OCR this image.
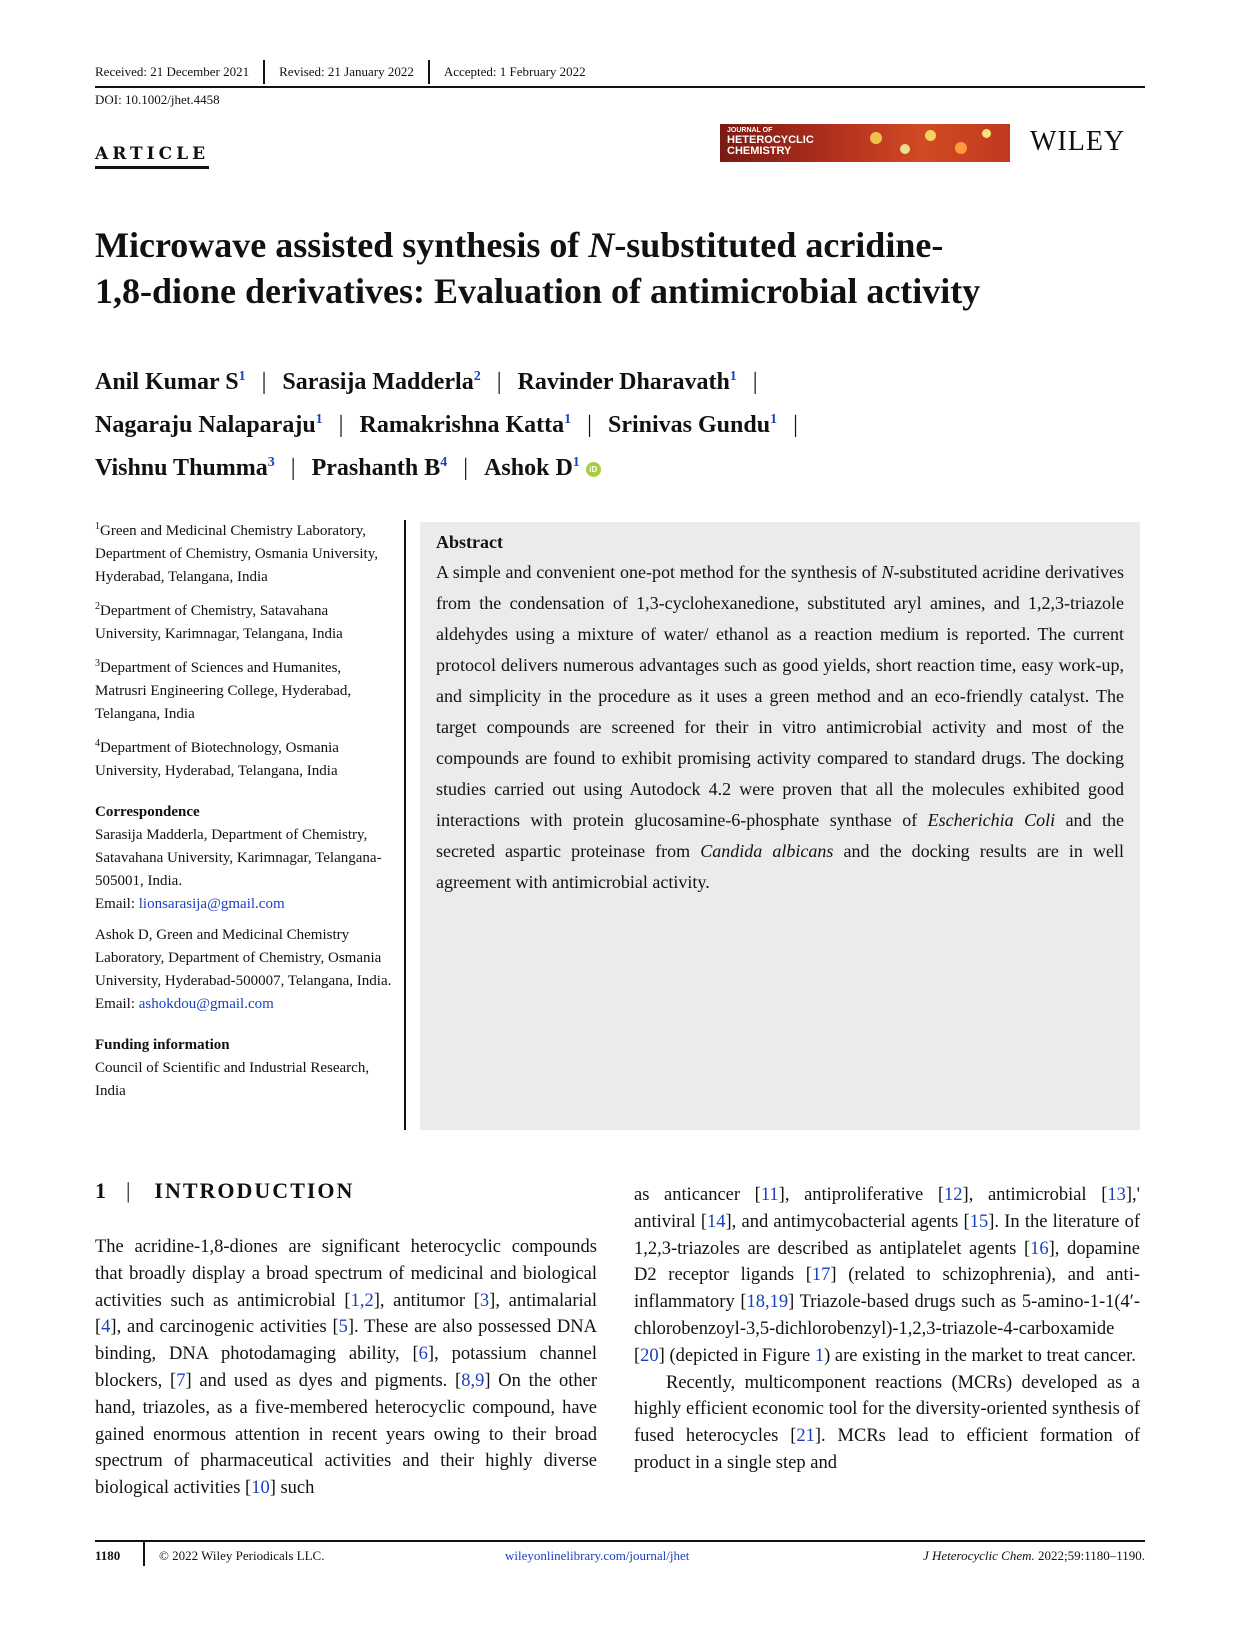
Received: 21 December 2021 Revised: 21 January 2022 Accepted: 1 February 2022
DOI: 10.1002/jhet.4458
ARTICLE
JOURNAL OF
HETEROCYCLIC
CHEMISTRY	WILEY
Microwave assisted synthesis of N-substituted acridine-
1,8-dione derivatives: Evaluation of antimicrobial activity
Anil Kumar $S^1$ | Sarasija Madderla$^2$ | Ravinder Dharavath$^1$ |
Nagaraju Nalaparaju$^1$ | Ramakrishna Katta$^1$ | Srinivas Gundu$^1$ |
Vishnu Thumma$^3$ | Prashanth $B^4$ | Ashok $D^1$ iD
$^1$Green and Medicinal Chemistry Laboratory, Department of Chemistry, Osmania University, Hyderabad, Telangana, India
$^2$Department of Chemistry, Satavahana University, Karimnagar, Telangana, India
$^3$Department of Sciences and Humanites, Matrusri Engineering College, Hyderabad, Telangana, India
$^4$Department of Biotechnology, Osmania University, Hyderabad, Telangana, India
Correspondence
Sarasija Madderla, Department of Chemistry, Satavahana University, Karimnagar, Telangana-505001, India.
Email: lionsarasija@gmail.com
Ashok D, Green and Medicinal Chemistry Laboratory, Department of Chemistry, Osmania University, Hyderabad-500007, Telangana, India.
Email: ashokdou@gmail.com
Funding information
Council of Scientific and Industrial Research, India
Abstract

A simple and convenient one-pot method for the synthesis of N-substituted acridine derivatives from the condensation of 1,3-cyclohexanedione, substituted aryl amines, and 1,2,3-triazole aldehydes using a mixture of water/ ethanol as a reaction medium is reported. The current protocol delivers numerous advantages such as good yields, short reaction time, easy work-up, and simplicity in the procedure as it uses a green method and an eco-friendly catalyst. The target compounds are screened for their in vitro antimicrobial activity and most of the compounds are found to exhibit promising activity compared to standard drugs. The docking studies carried out using Autodock 4.2 were proven that all the molecules exhibited good interactions with protein glucosamine-6-phosphate synthase of Escherichia Coli and the secreted aspartic proteinase from Candida albicans and the docking results are in well agreement with antimicrobial activity.

1 | INTRODUCTION
The acridine-1,8-diones are significant heterocyclic compounds that broadly display a broad spectrum of medicinal and biological activities such as antimicrobial [1,2], antitumor [3], antimalarial [4], and carcinogenic activities [5]. These are also possessed DNA binding, DNA photodamaging ability, [6], potassium channel blockers, [7] and used as dyes and pigments. [8,9] On the other hand, triazoles, as a five-membered heterocyclic compound, have gained enormous attention in recent years owing to their broad spectrum of pharmaceutical activities and their highly diverse biological activities [10] such

as anticancer [11], antiproliferative [12], antimicrobial [13],' antiviral [14], and antimycobacterial agents [15]. In the literature of 1,2,3-triazoles are described as antiplatelet agents [16], dopamine D2 receptor ligands [17] (related to schizophrenia), and anti-inflammatory [18,19] Triazole-based drugs such as 5-amino-1-1(4′-chlorobenzoyl-3,5-dichlorobenzyl)-1,2,3-triazole-4-carboxamide [20] (depicted in Figure 1) are existing in the market to treat cancer.

Recently, multicomponent reactions (MCRs) developed as a highly efficient economic tool for the diversity-oriented synthesis of fused heterocycles [21]. MCRs lead to efficient formation of product in a single step and

1180	© 2022 Wiley Periodicals LLC.	wileyonlinelibrary.com/journal/jhet	J Heterocyclic Chem. 2022;59:1180–1190.
